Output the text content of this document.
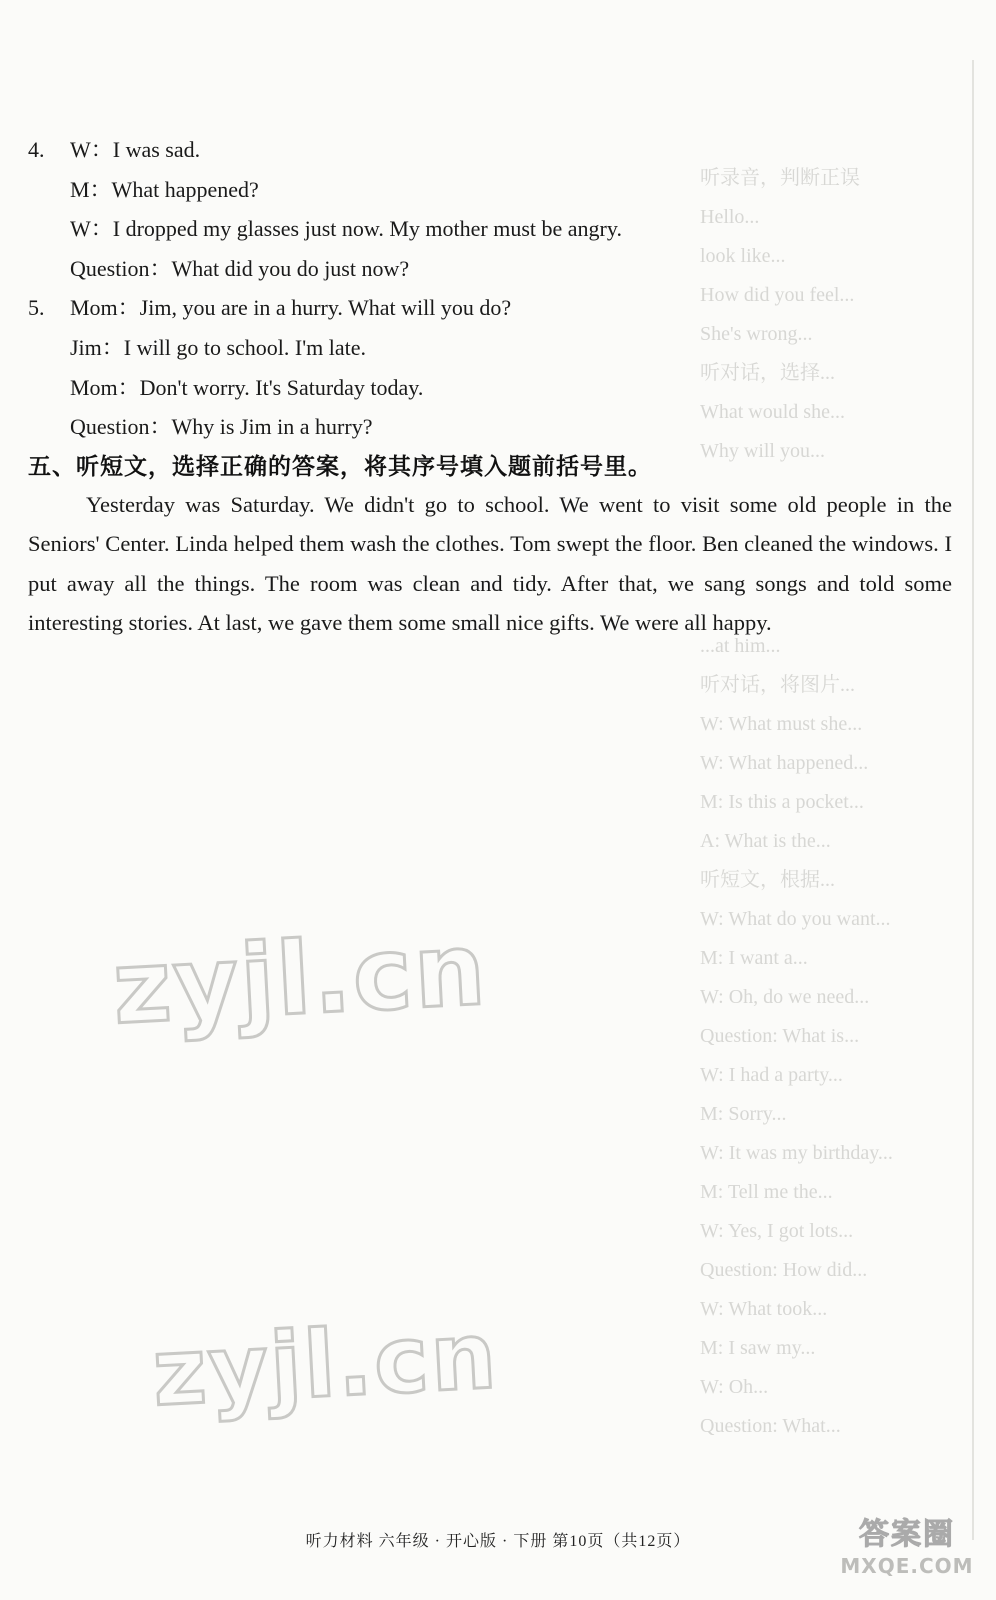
听录音，判断正误
Hello...
look like...
How did you feel...
She's wrong...
听对话，选择...
What would she...
Why will you...

...at him...
听对话，将图片...
W: What must she...
W: What happened...
M: Is this a pocket...
A: What is the...
听短文，根据...
W: What do you want...
M: I want a...
W: Oh, do we need...
Question: What is...
W: I had a party...
M: Sorry...
W: It was my birthday...
M: Tell me the...
W: Yes, I got lots...
Question: How did...
W: What took...
M: I saw my...
W: Oh...
Question: What...
4.	W：I was sad.
M：What happened?
W：I dropped my glasses just now. My mother must be angry.
Question：What did you do just now?
5.	Mom：Jim, you are in a hurry. What will you do?
Jim：I will go to school. I'm late.
Mom：Don't worry. It's Saturday today.
Question：Why is Jim in a hurry?
五、听短文，选择正确的答案，将其序号填入题前括号里。
Yesterday was Saturday. We didn't go to school. We went to visit some old people in the Seniors' Center. Linda helped them wash the clothes. Tom swept the floor. Ben cleaned the windows. I put away all the things. The room was clean and tidy. After that, we sang songs and told some interesting stories. At last, we gave them some small nice gifts. We were all happy.
zyjl.cn
zyjl.cn
听力材料 六年级 · 开心版 · 下册 第10页（共12页）	答案圈
MXQE.COM
